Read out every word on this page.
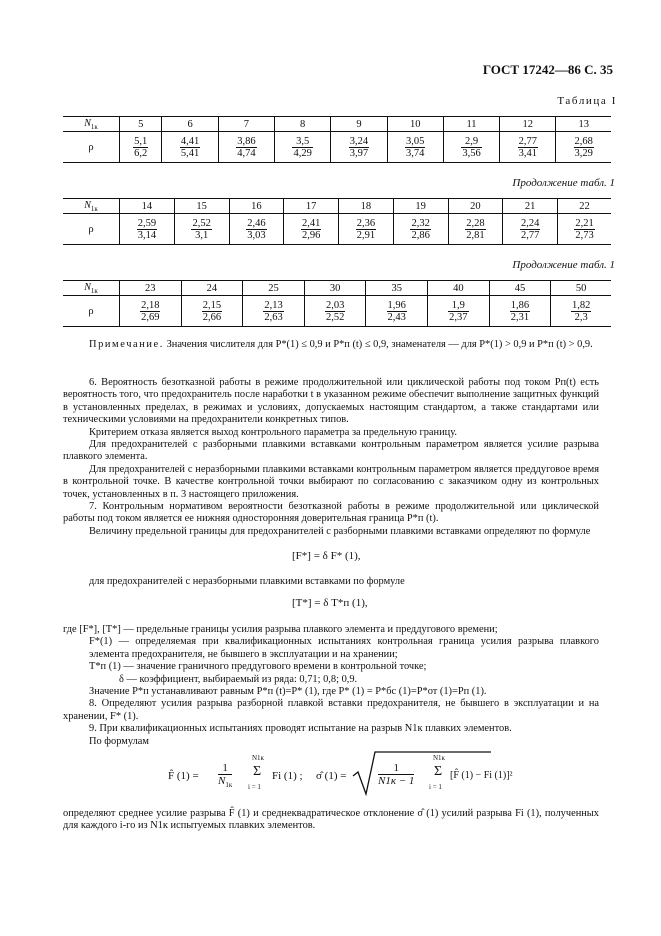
ГОСТ 17242—86 С. 35
Таблица I
$N_{1к}$	5	6	7	8	9	10	11	12	13
ρ	$\frac{5,1}{6,2}$	$\frac{4,41}{5,41}$	$\frac{3,86}{4,74}$	$\frac{3,5}{4,29}$	$\frac{3,24}{3,97}$	$\frac{3,05}{3,74}$	$\frac{2,9}{3,56}$	$\frac{2,77}{3,41}$	$\frac{2,68}{3,29}$
Продолжение табл. 1
$N_{1к}$	14	15	16	17	18	19	20	21	22
ρ	$\frac{2,59}{3,14}$	$\frac{2,52}{3,1}$	$\frac{2,46}{3,03}$	$\frac{2,41}{2,96}$	$\frac{2,36}{2,91}$	$\frac{2,32}{2,86}$	$\frac{2,28}{2,81}$	$\frac{2,24}{2,77}$	$\frac{2,21}{2,73}$
Продолжение табл. 1
$N_{1к}$	23	24	25	30	35	40	45	50
ρ	$\frac{2,18}{2,69}$	$\frac{2,15}{2,66}$	$\frac{2,13}{2,63}$	$\frac{2,03}{2,52}$	$\frac{1,96}{2,43}$	$\frac{1,9}{2,37}$	$\frac{1,86}{2,31}$	$\frac{1,82}{2,3}$

Примечание. Значения числителя для P*(1) ≤ 0,9 и P*п (t) ≤ 0,9, знаменателя — для P*(1) > 0,9 и P*п (t) > 0,9.

6. Вероятность безотказной работы в режиме продолжительной или циклической работы под током Pп(t) есть вероятность того, что предохранитель после наработки t в указанном режиме обеспечит выполнение защитных функций в установленных пределах, в режимах и условиях, допускаемых настоящим стандартом, а также стандартами или техническими условиями на предохранители конкретных типов.

Критерием отказа является выход контрольного параметра за предельную границу.

Для предохранителей с разборными плавкими вставками контрольным параметром является усилие разрыва плавкого элемента.

Для предохранителей с неразборными плавкими вставками контрольным параметром является преддуговое время в контрольной точке. В качестве контрольной точки выбирают по согласованию с заказчиком одну из контрольных точек, установленных в п. 3 настоящего приложения.

7. Контрольным нормативом вероятности безотказной работы в режиме продолжительной или циклической работы под током является ее нижняя односторонняя доверительная граница P*п (t).

Величину предельной границы для предохранителей с разборными плавкими вставками определяют по формуле

[F*] = δ F* (1),

для предохранителей с неразборными плавкими вставками по формуле

[T*] = δ T*п (1),

где [F*], [T*] — предельные границы усилия разрыва плавкого элемента и преддугового времени;

F*(1) — определяемая при квалификационных испытаниях контрольная граница усилия разрыва плавкого элемента предохранителя, не бывшего в эксплуатации и на хранении;

T*п (1) — значение граничного преддугового времени в контрольной точке;

δ — коэффициент, выбираемый из ряда: 0,71; 0,8; 0,9.

Значение P*п устанавливают равным P*п (t)=P* (1), где P* (1) = P*бс (1)=P*от (1)=Pп (1).

8. Определяют усилия разрыва разборной плавкой вставки предохранителя, не бывшего в эксплуатации и на хранении, F* (1).

9. При квалификационных испытаниях проводят испытание на разрыв N1к плавких элементов.

По формулам

F̂ (1) =
1
$N_{1к}$
N1к
Σ
i = 1
Fi (1) ; σ̂ (1) =
1
N1к − 1
N1к
Σ
i = 1
[F̂ (1) − Fi (1)]²

определяют среднее усилие разрыва F̂ (1) и среднеквадратическое отклонение σ̂ (1) усилий разрыва Fi (1), полученных для каждого i-го из N1к испытуемых плавких элементов.
